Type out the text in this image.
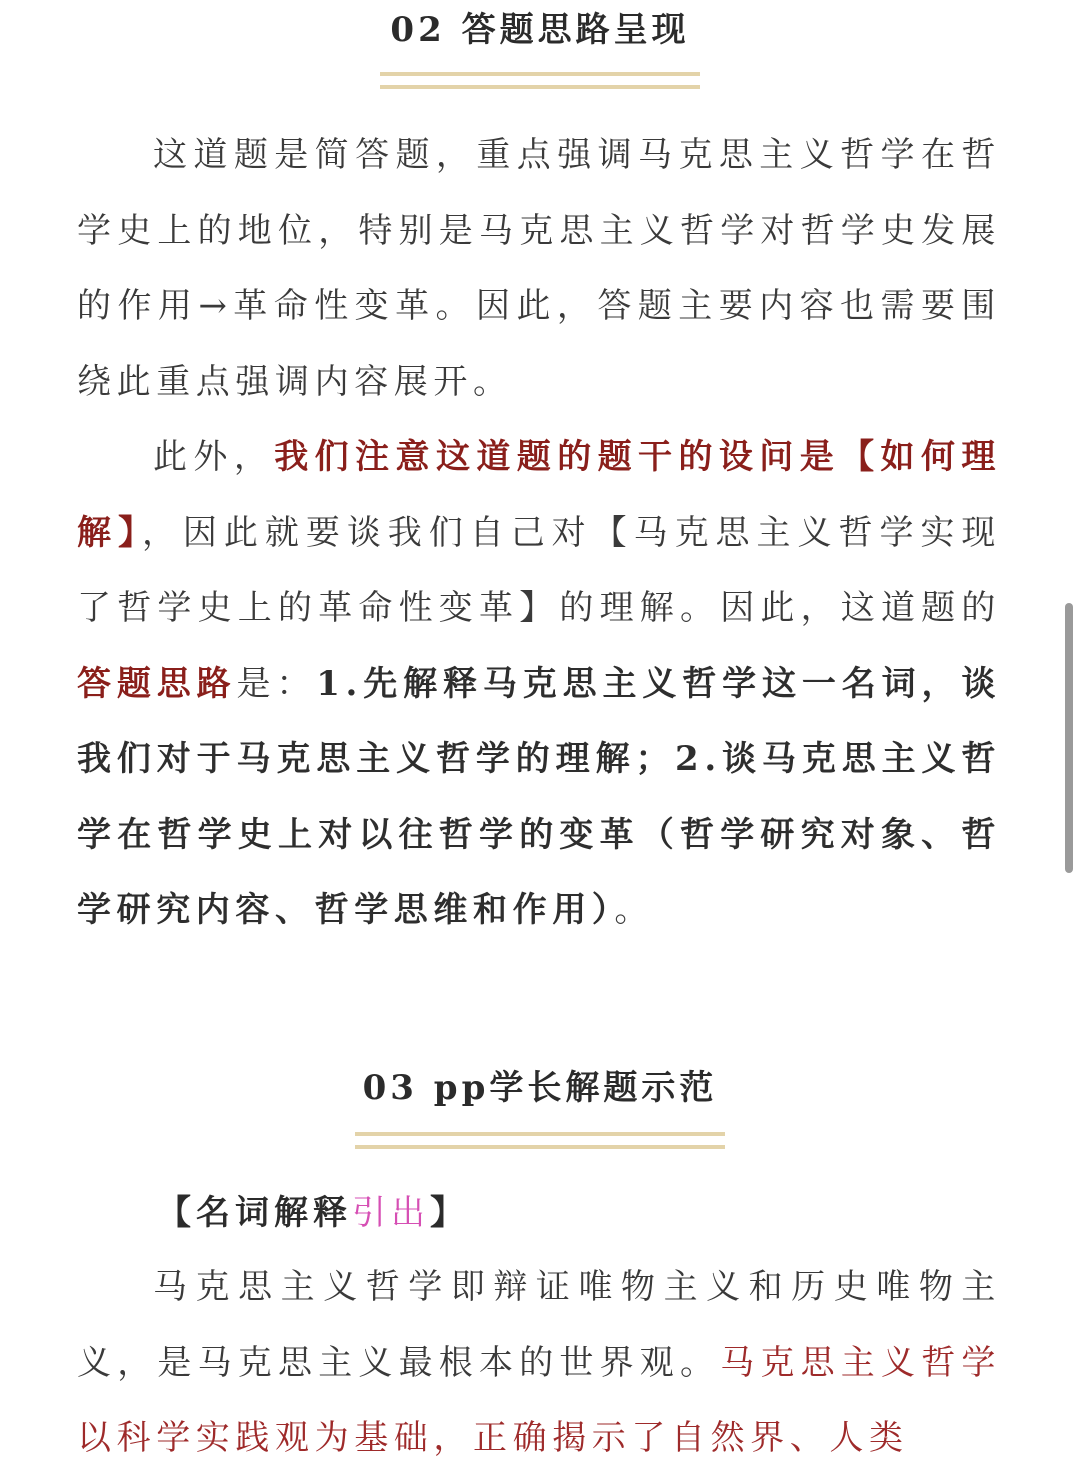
02 答题思路呈现

这道题是简答题，重点强调马克思主义哲学在哲学史上的地位，特别是马克思主义哲学对哲学史发展的作用→革命性变革。因此，答题主要内容也需要围绕此重点强调内容展开。

此外，我们注意这道题的题干的设问是【如何理解】，因此就要谈我们自己对【马克思主义哲学实现了哲学史上的革命性变革】的理解。因此，这道题的答题思路是：1.先解释马克思主义哲学这一名词，谈我们对于马克思主义哲学的理解；2.谈马克思主义哲学在哲学史上对以往哲学的变革（哲学研究对象、哲学研究内容、哲学思维和作用）。

03 pp学长解题示范
【名词解释引出】

马克思主义哲学即辩证唯物主义和历史唯物主义，是马克思主义最根本的世界观。马克思主义哲学以科学实践观为基础，正确揭示了自然界、人类
